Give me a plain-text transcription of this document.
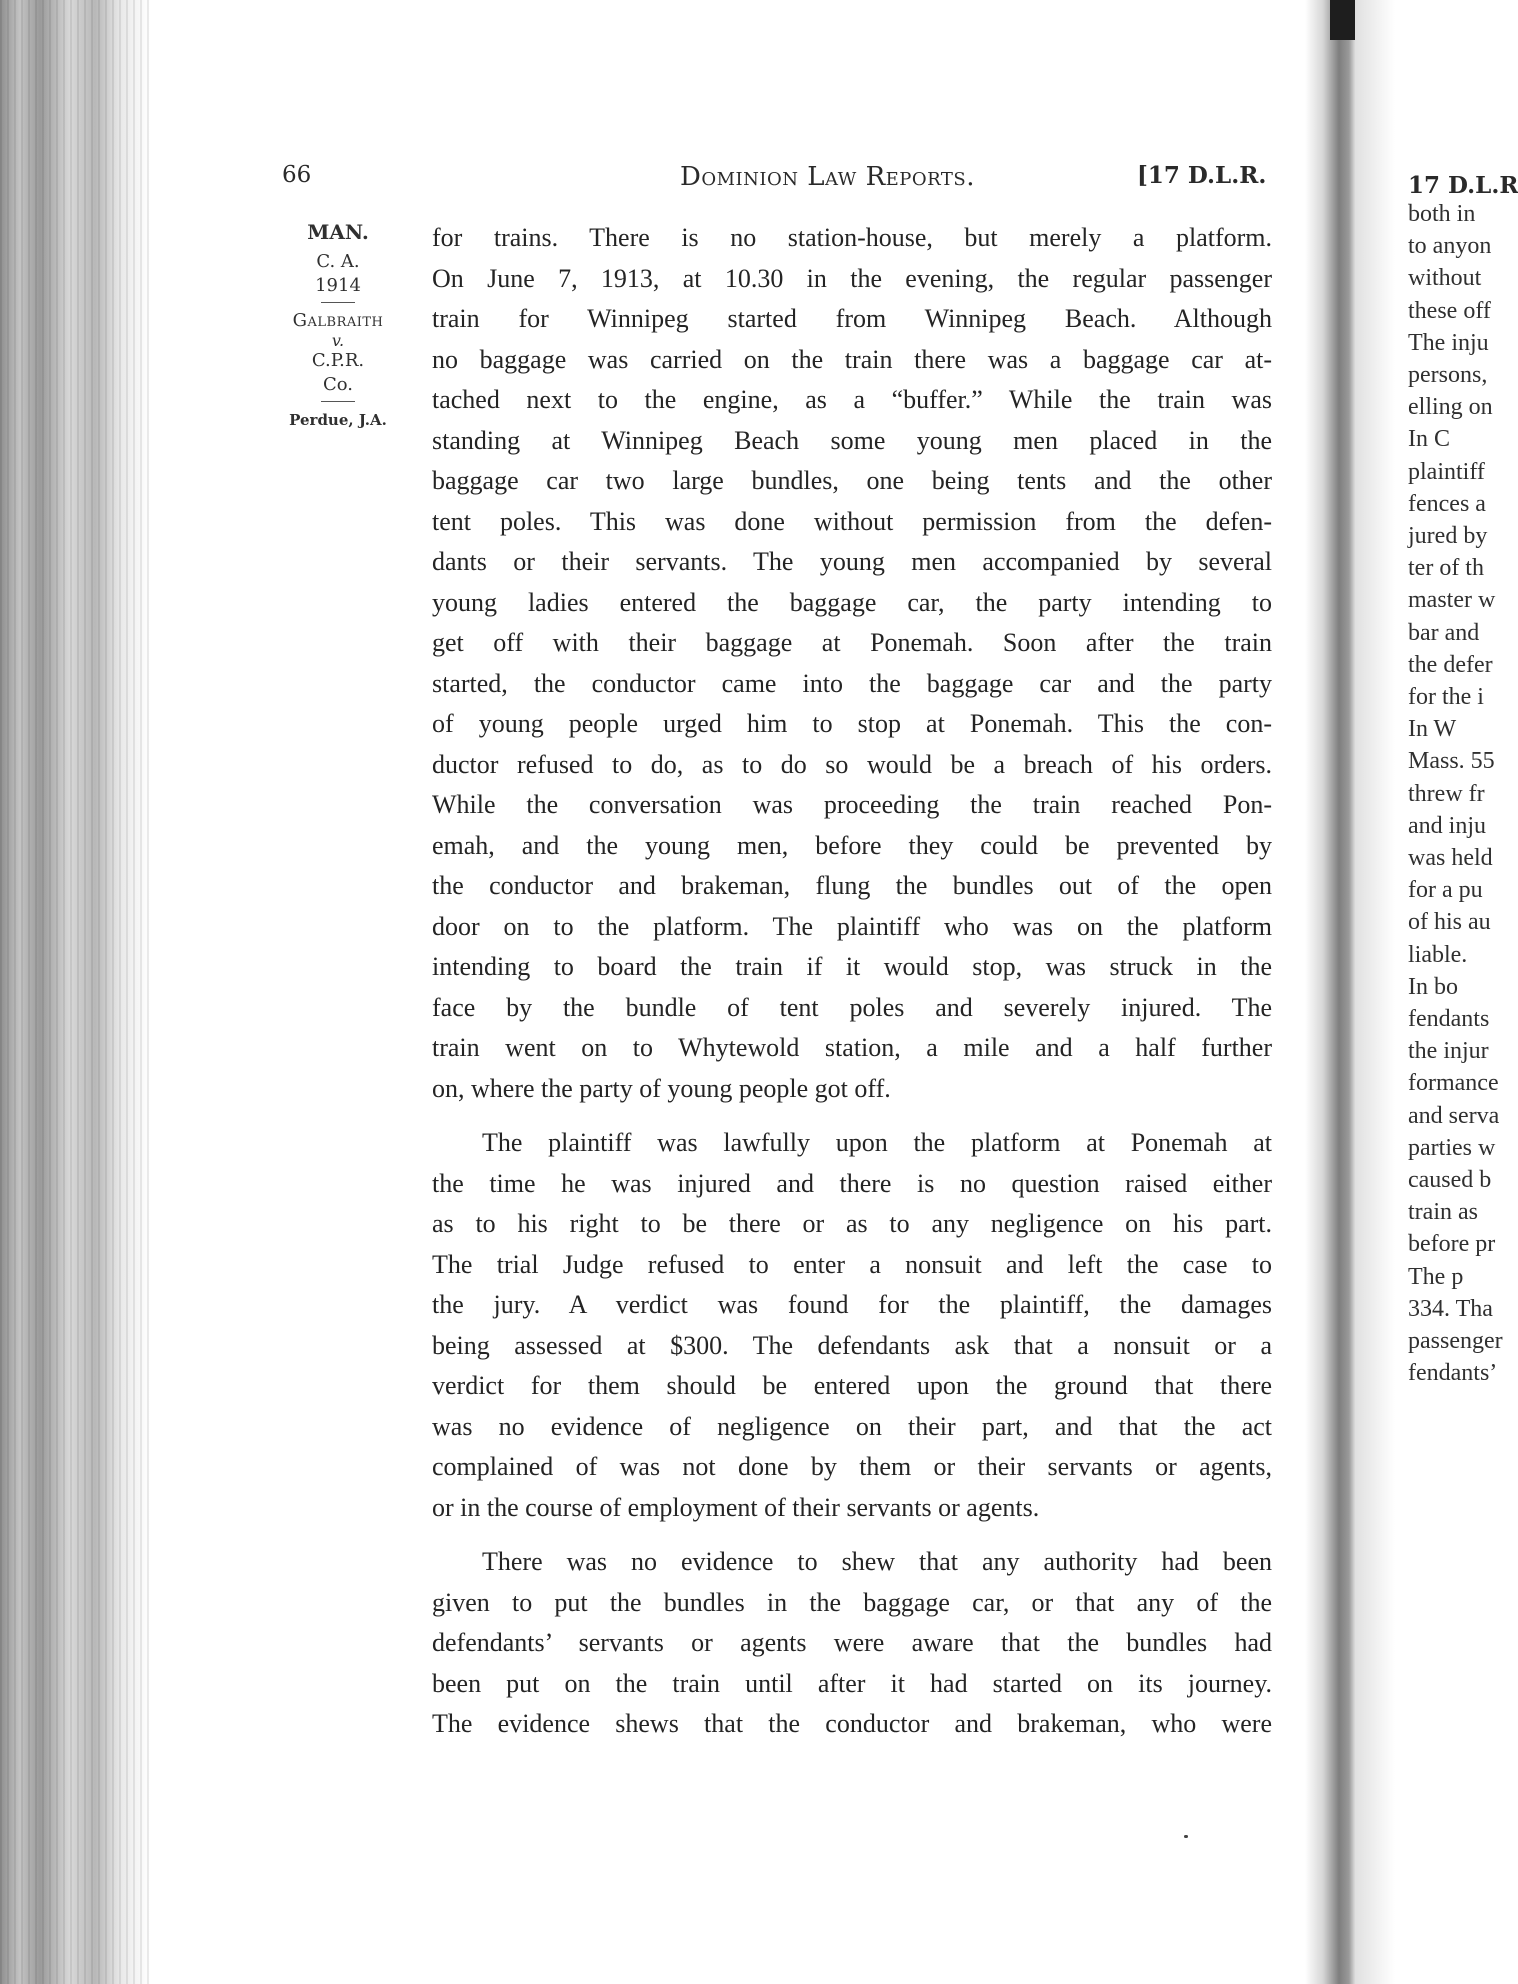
66	Dominion Law Reports.	[17 D.L.R.
MAN.
C. A.
1914
Galbraith
v.
C.P.R.
Co.
Perdue, J.A.
for trains. There is no station-house, but merely a platform.
On June 7, 1913, at 10.30 in the evening, the regular passenger
train for Winnipeg started from Winnipeg Beach. Although
no baggage was carried on the train there was a baggage car at-
tached next to the engine, as a “buffer.” While the train was
standing at Winnipeg Beach some young men placed in the
baggage car two large bundles, one being tents and the other
tent poles. This was done without permission from the defen-
dants or their servants. The young men accompanied by several
young ladies entered the baggage car, the party intending to
get off with their baggage at Ponemah. Soon after the train
started, the conductor came into the baggage car and the party
of young people urged him to stop at Ponemah. This the con-
ductor refused to do, as to do so would be a breach of his orders.
While the conversation was proceeding the train reached Pon-
emah, and the young men, before they could be prevented by
the conductor and brakeman, flung the bundles out of the open
door on to the platform. The plaintiff who was on the platform
intending to board the train if it would stop, was struck in the
face by the bundle of tent poles and severely injured. The
train went on to Whytewold station, a mile and a half further
on, where the party of young people got off.
The plaintiff was lawfully upon the platform at Ponemah at
the time he was injured and there is no question raised either
as to his right to be there or as to any negligence on his part.
The trial Judge refused to enter a nonsuit and left the case to
the jury. A verdict was found for the plaintiff, the damages
being assessed at $300. The defendants ask that a nonsuit or a
verdict for them should be entered upon the ground that there
was no evidence of negligence on their part, and that the act
complained of was not done by them or their servants or agents,
or in the course of employment of their servants or agents.
There was no evidence to shew that any authority had been
given to put the bundles in the baggage car, or that any of the
defendants’ servants or agents were aware that the bundles had
been put on the train until after it had started on its journey.
The evidence shews that the conductor and brakeman, who were
17 D.L.R
both in
to anyon
without
these off
The inju
persons,
elling on
In C
plaintiff
fences a
jured by
ter of th
master w
bar and
the defer
for the i
In W
Mass. 55
threw fr
and inju
was held
for a pu
of his au
liable.
In bo
fendants
the injur
formance
and serva
parties w
caused b
train as
before pr
The p
334. Tha
passenger
fendants’
